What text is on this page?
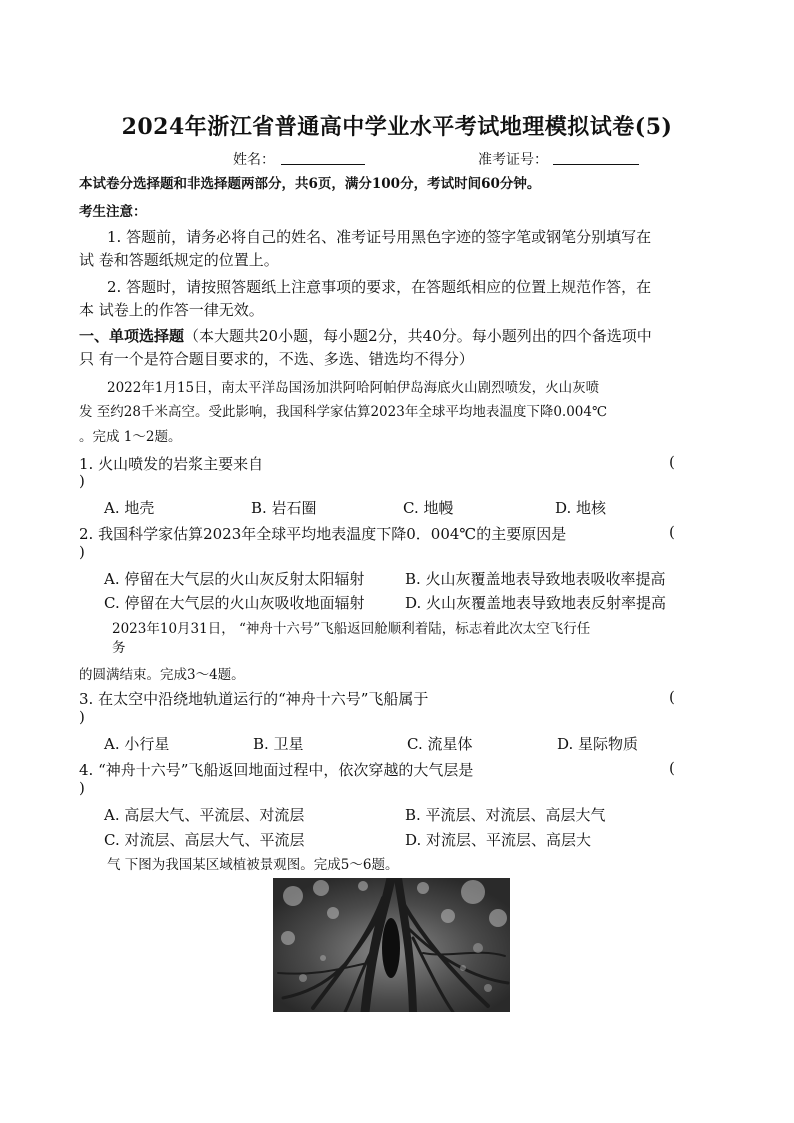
2024年浙江省普通高中学业水平考试地理模拟试卷(5)
姓名：	准考证号：
本试卷分选择题和非选择题两部分，共6页，满分100分，考试时间60分钟。
考生注意：
1. 答题前，请务必将自己的姓名、准考证号用黑色字迹的签字笔或钢笔分别填写在
试 卷和答题纸规定的位置上。
2. 答题时，请按照答题纸上注意事项的要求，在答题纸相应的位置上规范作答，在
本 试卷上的作答一律无效。
一、单项选择题（本大题共20小题，每小题2分，共40分。每小题列出的四个备选项中
只 有一个是符合题目要求的，不选、多选、错选均不得分）
2022年1月15日，南太平洋岛国汤加洪阿哈阿帕伊岛海底火山剧烈喷发，火山灰喷
发 至约28千米高空。受此影响，我国科学家估算2023年全球平均地表温度下降0.004℃
。完成 1～2题。
1. 火山喷发的岩浆主要来自	(
)
A. 地壳	B. 岩石圈	C. 地幔	D. 地核
2. 我国科学家估算2023年全球平均地表温度下降0．004℃的主要原因是	(
)
A. 停留在大气层的火山灰反射太阳辐射	B. 火山灰覆盖地表导致地表吸收率提高
C. 停留在大气层的火山灰吸收地面辐射	D. 火山灰覆盖地表导致地表反射率提高
2023年10月31日， “神舟十六号”飞船返回舱顺利着陆，标志着此次太空飞行任
务
的圆满结束。完成3～4题。
3. 在太空中沿绕地轨道运行的“神舟十六号”飞船属于	(
)
A. 小行星	B. 卫星	C. 流星体	D. 星际物质
4. “神舟十六号”飞船返回地面过程中，依次穿越的大气层是	(
)
A. 高层大气、平流层、对流层	B. 平流层、对流层、高层大气
C. 对流层、高层大气、平流层	D. 对流层、平流层、高层大
气 下图为我国某区域植被景观图。完成5～6题。
